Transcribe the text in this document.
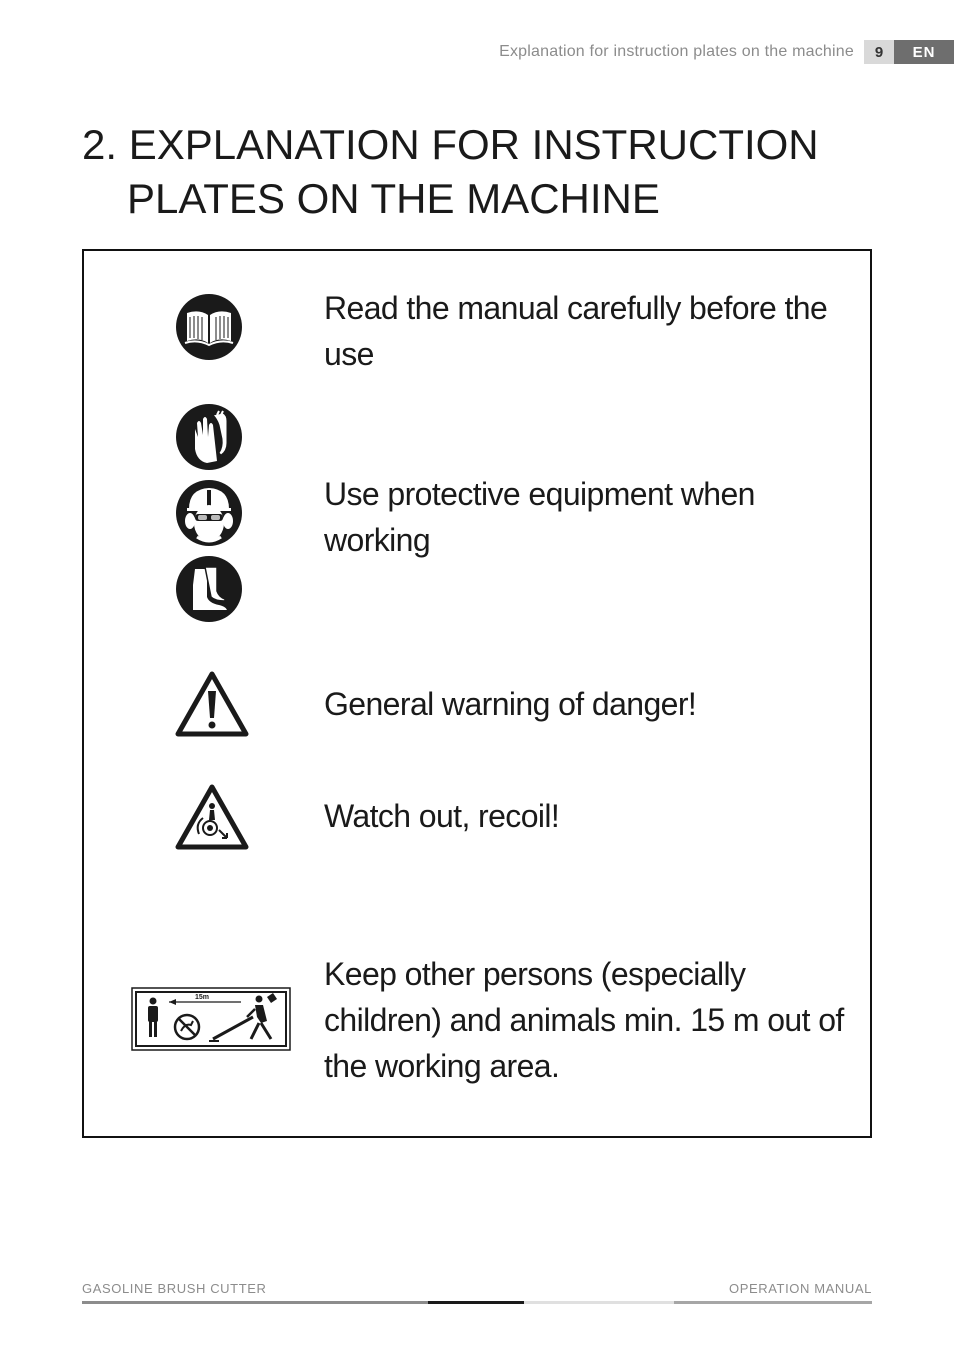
Explanation for instruction plates on the machine	9	EN
2. EXPLANATION FOR INSTRUCTION
PLATES ON THE MACHINE
Read the manual carefully before the use
Use protective equipment when working
General warning of danger!
Watch out, recoil!
15m
Keep other persons (especially children) and animals min. 15 m out of the working area.
GASOLINE BRUSH CUTTER	OPERATION MANUAL
